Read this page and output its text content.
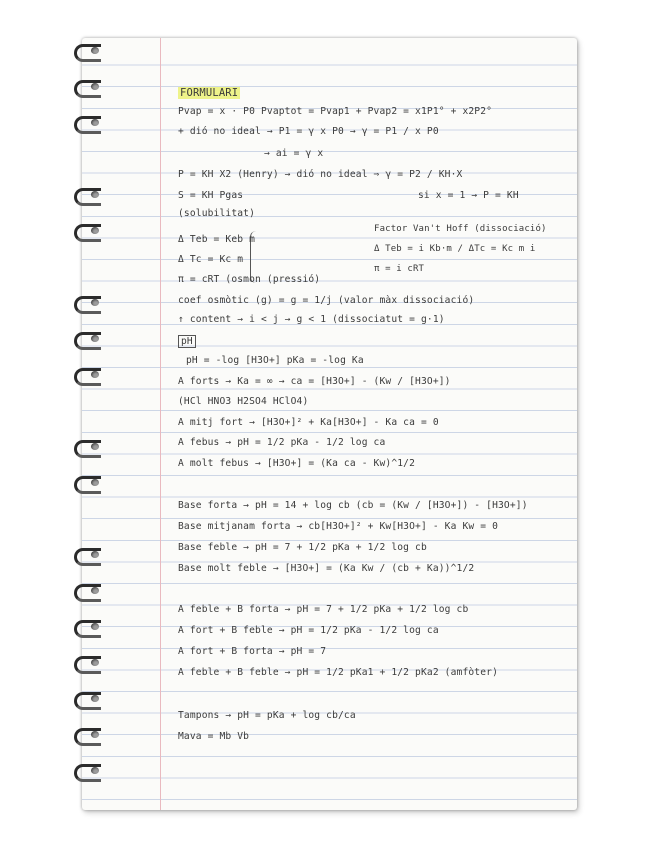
FORMULARI
Pvap = x · P0 Pvaptot = Pvap1 + Pvap2 = x1P1° + x2P2°
+ dió no ideal → P1 = γ x P0 → γ = P1 / x P0
→ ai = γ x
P = KH X2 (Henry) → dió no ideal ⇒ γ = P2 / KH·X
S = KH Pgas	si x = 1 → P = KH
(solubilitat)
Δ Teb = Keb m
Δ Tc = Kc m
π = cRT (osmon (pressió)
Factor Van't Hoff (dissociació)
Δ Teb = i Kb·m / ΔTc = Kc m i
π = i cRT
coef osmòtic (g) = g = 1/j (valor màx dissociació)
↑ content → i < j → g < 1 (dissociatut = g·1)
pH
pH = -log [H3O+] pKa = -log Ka
A forts → Ka = ∞ → ca = [H3O+] - (Kw / [H3O+])
(HCl HNO3 H2SO4 HClO4)
A mitj fort → [H3O+]² + Ka[H3O+] - Ka ca = 0
A febus → pH = 1/2 pKa - 1/2 log ca
A molt febus → [H3O+] = (Ka ca - Kw)^1/2
Base forta → pH = 14 + log cb (cb = (Kw / [H3O+]) - [H3O+])
Base mitjanam forta → cb[H3O+]² + Kw[H3O+] - Ka Kw = 0
Base feble → pH = 7 + 1/2 pKa + 1/2 log cb
Base molt feble → [H3O+] = (Ka Kw / (cb + Ka))^1/2
A feble + B forta → pH = 7 + 1/2 pKa + 1/2 log cb
A fort + B feble → pH = 1/2 pKa - 1/2 log ca
A fort + B forta → pH = 7
A feble + B feble → pH = 1/2 pKa1 + 1/2 pKa2 (amfòter)
Tampons → pH = pKa + log cb/ca
Mava = Mb Vb
